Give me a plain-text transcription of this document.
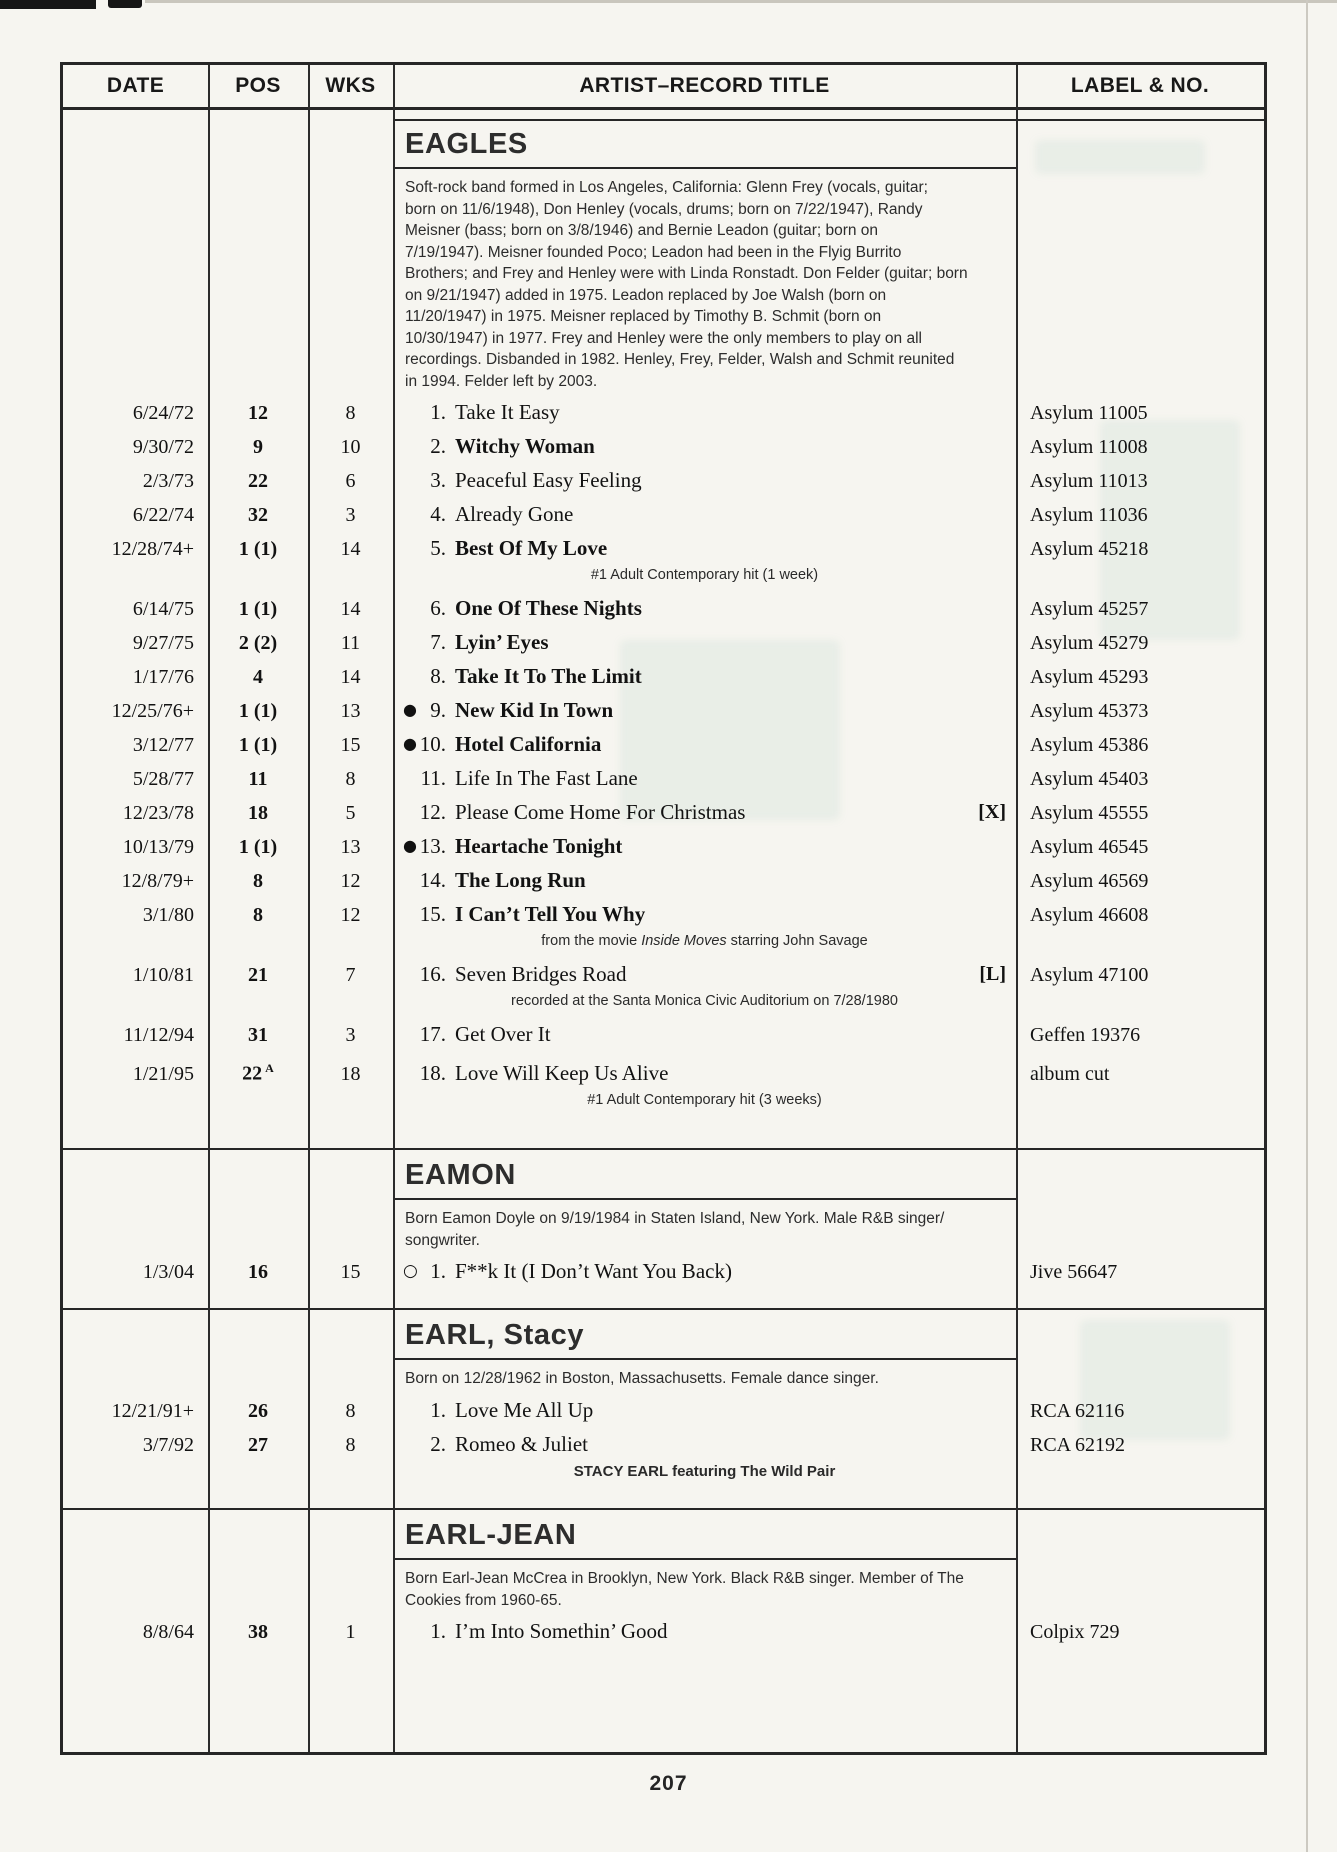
DATE	POS	WKS	ARTIST–RECORD TITLE	LABEL & NO.
EAGLES
Soft-rock band formed in Los Angeles, California: Glenn Frey (vocals, guitar;
born on 11/6/1948), Don Henley (vocals, drums; born on 7/22/1947), Randy
Meisner (bass; born on 3/8/1946) and Bernie Leadon (guitar; born on
7/19/1947). Meisner founded Poco; Leadon had been in the Flyig Burrito
Brothers; and Frey and Henley were with Linda Ronstadt. Don Felder (guitar; born
on 9/21/1947) added in 1975. Leadon replaced by Joe Walsh (born on
11/20/1947) in 1975. Meisner replaced by Timothy B. Schmit (born on
10/30/1947) in 1977. Frey and Henley were the only members to play on all
recordings. Disbanded in 1982. Henley, Frey, Felder, Walsh and Schmit reunited
in 1994. Felder left by 2003.
6/24/72	12	8	1. Take It Easy	Asylum 11005
9/30/72	9	10	2. Witchy Woman	Asylum 11008
2/3/73	22	6	3. Peaceful Easy Feeling	Asylum 11013
6/22/74	32	3	4. Already Gone	Asylum 11036
12/28/74+	1 (1)	14	5. Best Of My Love	Asylum 45218
#1 Adult Contemporary hit (1 week)
6/14/75	1 (1)	14	6. One Of These Nights	Asylum 45257
9/27/75	2 (2)	11	7. Lyin’ Eyes	Asylum 45279
1/17/76	4	14	8. Take It To The Limit	Asylum 45293
12/25/76+	1 (1)	13	● 9. New Kid In Town	Asylum 45373
3/12/77	1 (1)	15	● 10. Hotel California	Asylum 45386
5/28/77	11	8	11. Life In The Fast Lane	Asylum 45403
12/23/78	18	5	12. Please Come Home For Christmas	[X]	Asylum 45555
10/13/79	1 (1)	13	● 13. Heartache Tonight	Asylum 46545
12/8/79+	8	12	14. The Long Run	Asylum 46569
3/1/80	8	12	15. I Can’t Tell You Why	Asylum 46608
from the movie Inside Moves starring John Savage
1/10/81	21	7	16. Seven Bridges Road	[L]	Asylum 47100
recorded at the Santa Monica Civic Auditorium on 7/28/1980
11/12/94	31	3	17. Get Over It	Geffen 19376
1/21/95	22 $^A$	18	18. Love Will Keep Us Alive	album cut
#1 Adult Contemporary hit (3 weeks)
EAMON
Born Eamon Doyle on 9/19/1984 in Staten Island, New York. Male R&B singer/
songwriter.
1/3/04	16	15	○ 1. F**k It (I Don’t Want You Back)	Jive 56647
EARL, Stacy
Born on 12/28/1962 in Boston, Massachusetts. Female dance singer.
12/21/91+	26	8	1. Love Me All Up	RCA 62116
3/7/92	27	8	2. Romeo & Juliet	RCA 62192
STACY EARL featuring The Wild Pair
EARL-JEAN
Born Earl-Jean McCrea in Brooklyn, New York. Black R&B singer. Member of The
Cookies from 1960-65.
8/8/64	38	1	1. I’m Into Somethin’ Good	Colpix 729
207
